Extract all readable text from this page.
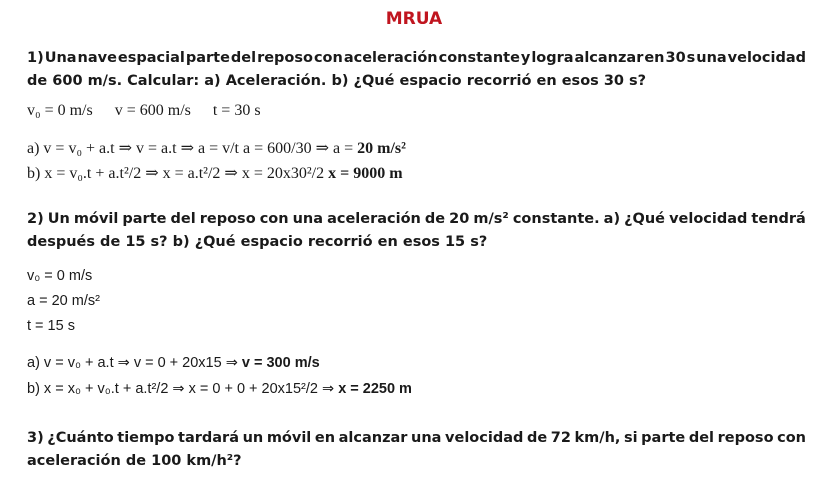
MRUA
1) Una nave espacial parte del reposo con aceleración constante y logra alcanzar en 30 s una velocidad
de 600 m/s. Calcular: a) Aceleración. b) ¿Qué espacio recorrió en esos 30 s?
v₀ = 0 m/s v = 600 m/s t = 30 s
a) v = v₀ + a.t ⇒ v = a.t ⇒ a = v/t a = 600/30 ⇒ a = 20 m/s²
b) x = v₀.t + a.t²/2 ⇒ x = a.t²/2 ⇒ x = 20x30²/2 x = 9000 m
2) Un móvil parte del reposo con una aceleración de 20 m/s² constante. a) ¿Qué velocidad tendrá
después de 15 s? b) ¿Qué espacio recorrió en esos 15 s?
v₀ = 0 m/s
a = 20 m/s²
t = 15 s
a) v = v₀ + a.t ⇒ v = 0 + 20x15 ⇒ v = 300 m/s
b) x = x₀ + v₀.t + a.t²/2 ⇒ x = 0 + 0 + 20x15²/2 ⇒ x = 2250 m
3) ¿Cuánto tiempo tardará un móvil en alcanzar una velocidad de 72 km/h, si parte del reposo con
aceleración de 100 km/h²?
